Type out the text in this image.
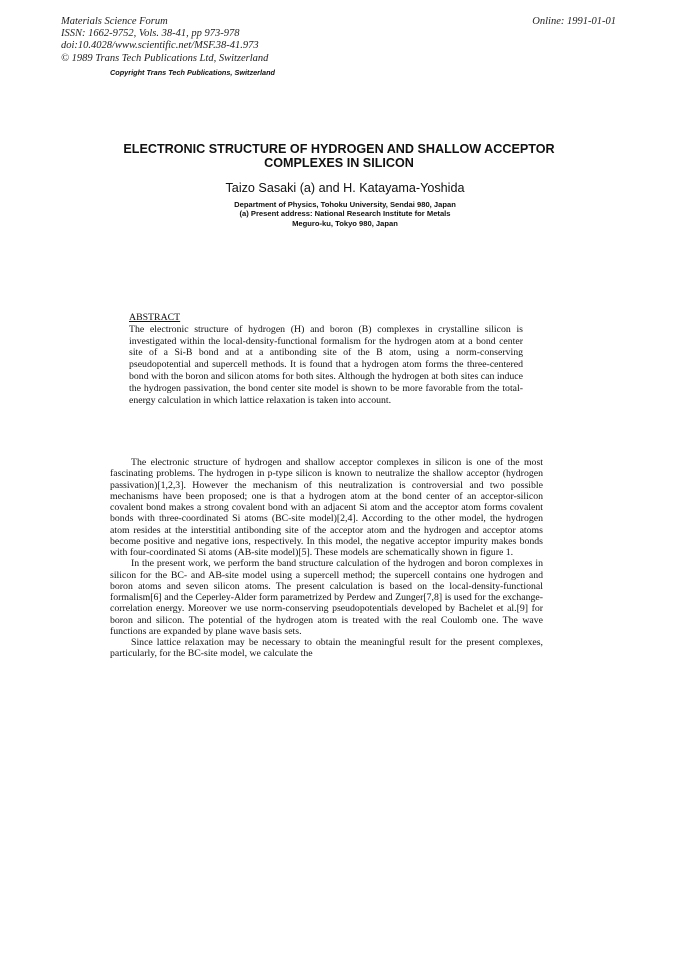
Materials Science Forum
ISSN: 1662-9752, Vols. 38-41, pp 973-978
doi:10.4028/www.scientific.net/MSF.38-41.973
© 1989 Trans Tech Publications Ltd, Switzerland
Online: 1991-01-01
Copyright Trans Tech Publications, Switzerland
ELECTRONIC STRUCTURE OF HYDROGEN AND SHALLOW ACCEPTOR
COMPLEXES IN SILICON
Taizo Sasaki (a) and H. Katayama-Yoshida
Department of Physics, Tohoku University, Sendai 980, Japan
(a) Present address: National Research Institute for Metals
Meguro-ku, Tokyo 980, Japan
ABSTRACT
The electronic structure of hydrogen (H) and boron (B) complexes in crystalline silicon is investigated within the local-density-functional formalism for the hydrogen atom at a bond center site of a Si-B bond and at a antibonding site of the B atom, using a norm-conserving pseudopotential and supercell methods. It is found that a hydrogen atom forms the three-centered bond with the boron and silicon atoms for both sites. Although the hydrogen at both sites can induce the hydrogen passivation, the bond center site model is shown to be more favorable from the total-energy calculation in which lattice relaxation is taken into account.

The electronic structure of hydrogen and shallow acceptor complexes in silicon is one of the most fascinating problems. The hydrogen in p-type silicon is known to neutralize the shallow acceptor (hydrogen passivation)[1,2,3]. However the mechanism of this neutralization is controversial and two possible mechanisms have been proposed; one is that a hydrogen atom at the bond center of an acceptor-silicon covalent bond makes a strong covalent bond with an adjacent Si atom and the acceptor atom forms covalent bonds with three-coordinated Si atoms (BC-site model)[2,4]. According to the other model, the hydrogen atom resides at the interstitial antibonding site of the acceptor atom and the hydrogen and acceptor atoms become positive and negative ions, respectively. In this model, the negative acceptor impurity makes bonds with four-coordinated Si atoms (AB-site model)[5]. These models are schematically shown in figure 1.

In the present work, we perform the band structure calculation of the hydrogen and boron complexes in silicon for the BC- and AB-site model using a supercell method; the supercell contains one hydrogen and boron atoms and seven silicon atoms. The present calculation is based on the local-density-functional formalism[6] and the Ceperley-Alder form parametrized by Perdew and Zunger[7,8] is used for the exchange-correlation energy. Moreover we use norm-conserving pseudopotentials developed by Bachelet et al.[9] for boron and silicon. The potential of the hydrogen atom is treated with the real Coulomb one. The wave functions are expanded by plane wave basis sets.

Since lattice relaxation may be necessary to obtain the meaningful result for the present complexes, particularly, for the BC-site model, we calculate the
